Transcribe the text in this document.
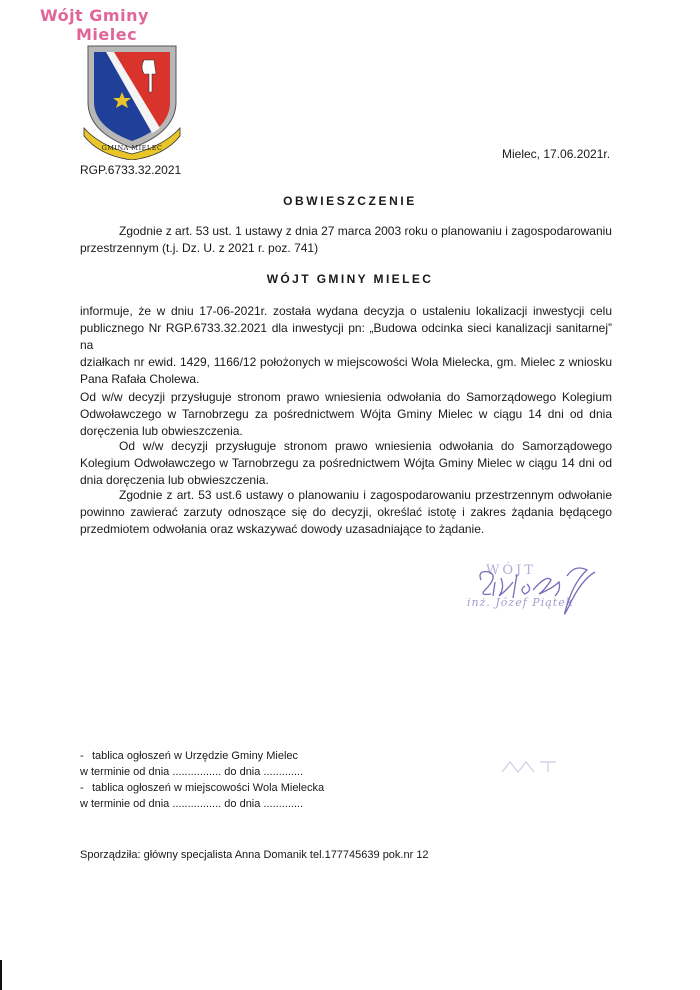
Wójt Gminy
Mielec
GMINA MIELEC	Mielec, 17.06.2021r.
RGP.6733.32.2021
OBWIESZCZENIE
Zgodnie z art. 53 ust. 1 ustawy z dnia 27 marca 2003 roku o planowaniu i zagospodarowaniu
przestrzennym (t.j. Dz. U. z 2021 r. poz. 741)
WÓJT GMINY MIELEC
informuje, że w dniu 17-06-2021r. została wydana decyzja o ustaleniu lokalizacji inwestycji celu
publicznego Nr RGP.6733.32.2021 dla inwestycji pn: „Budowa odcinka sieci kanalizacji sanitarnej” na
działkach nr ewid. 1429, 1166/12 położonych w miejscowości Wola Mielecka, gm. Mielec z wniosku
Pana Rafała Cholewa.
Od w/w decyzji przysługuje stronom prawo wniesienia odwołania do Samorządowego Kolegium
Odwoławczego w Tarnobrzegu za pośrednictwem Wójta Gminy Mielec w ciągu 14 dni od dnia
doręczenia lub obwieszczenia.
Od w/w decyzji przysługuje stronom prawo wniesienia odwołania do Samorządowego
Kolegium Odwoławczego w Tarnobrzegu za pośrednictwem Wójta Gminy Mielec w ciągu 14 dni od
dnia doręczenia lub obwieszczenia.
Zgodnie z art. 53 ust.6 ustawy o planowaniu i zagospodarowaniu przestrzennym odwołanie
powinno zawierać zarzuty odnoszące się do decyzji, określać istotę i zakres żądania będącego
przedmiotem odwołania oraz wskazywać dowody uzasadniające to żądanie.
WÓJT
inż. Józef Piątek
- tablica ogłoszeń w Urzędzie Gminy Mielec
w terminie od dnia ................ do dnia .............
- tablica ogłoszeń w miejscowości Wola Mielecka
w terminie od dnia ................ do dnia .............
Sporządziła: główny specjalista Anna Domanik tel.177745639 pok.nr 12
